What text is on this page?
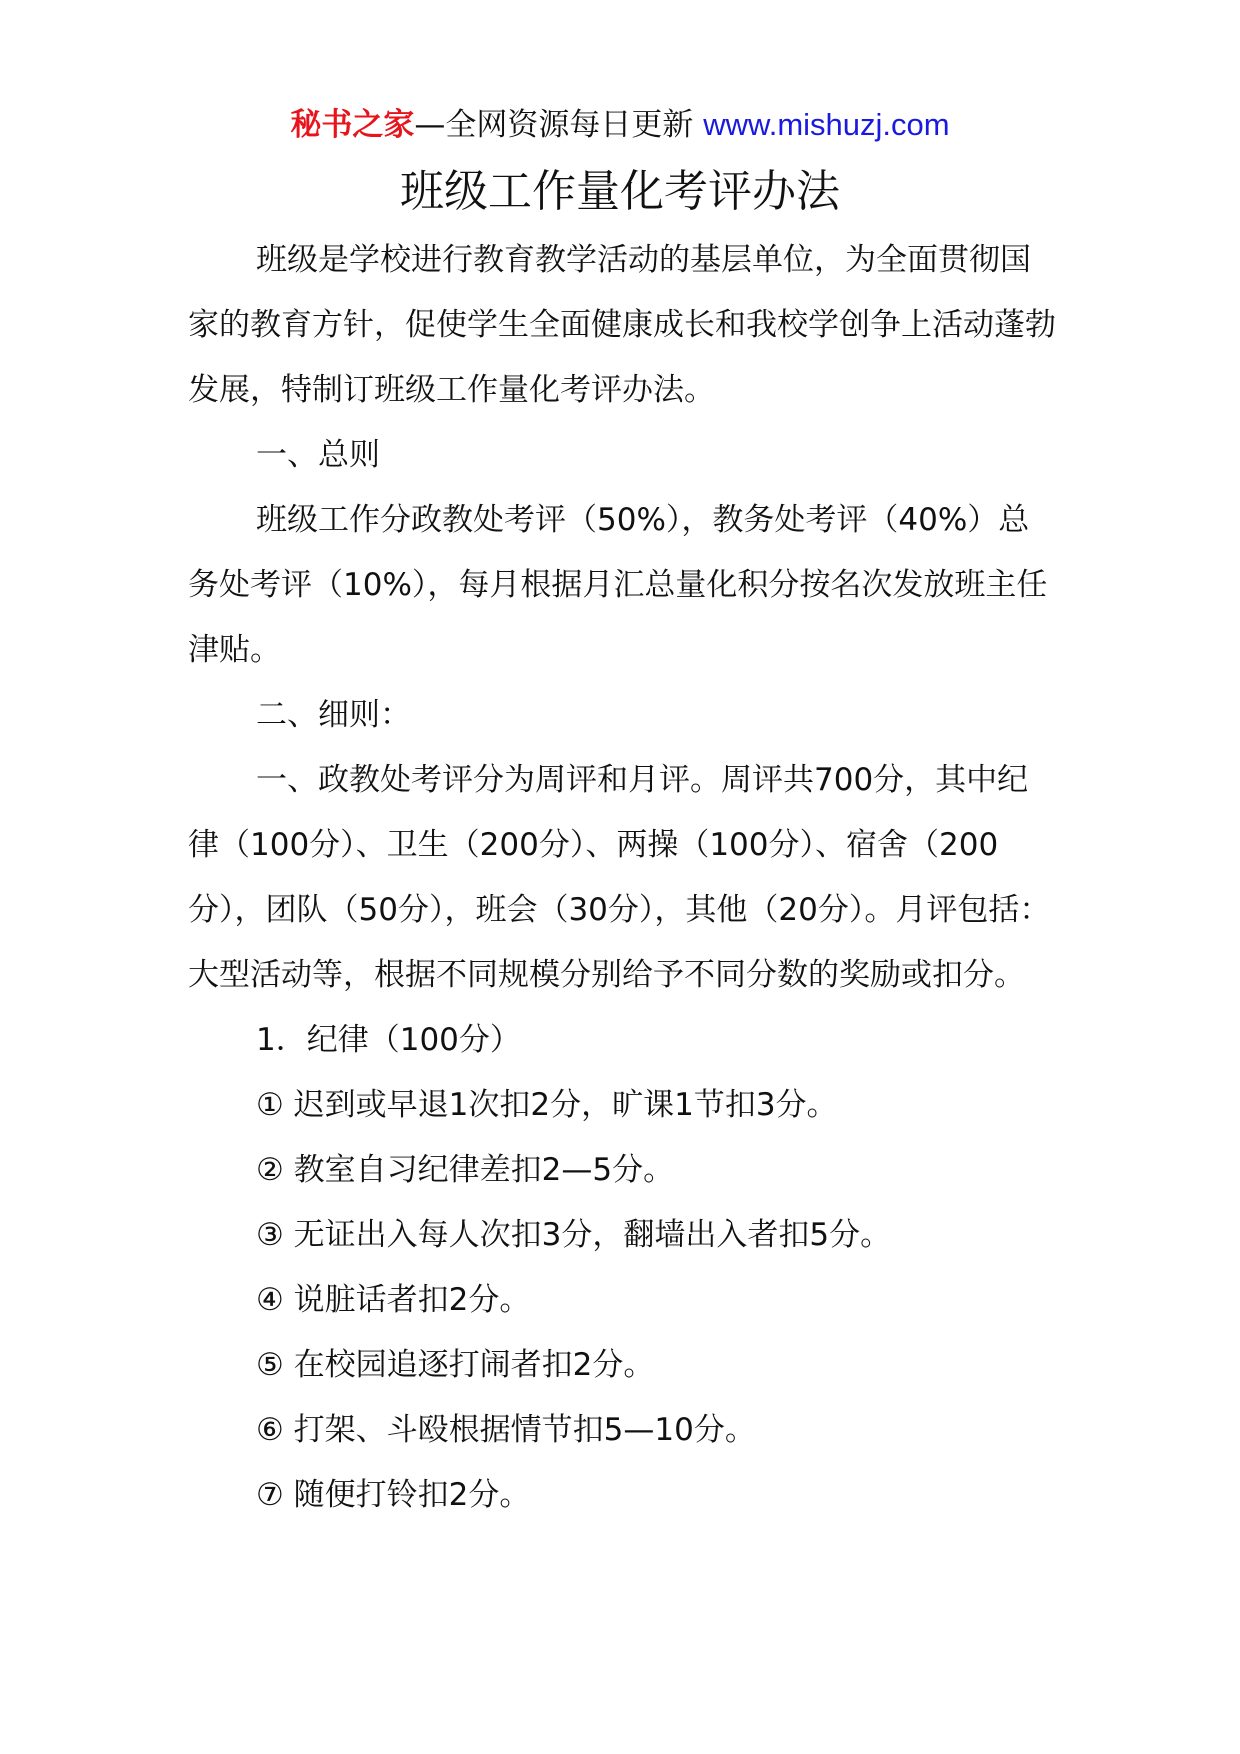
秘书之家—全网资源每日更新 www.mishuzj.com
班级工作量化考评办法

班级是学校进行教育教学活动的基层单位，为全面贯彻国家的教育方针，促使学生全面健康成长和我校学创争上活动蓬勃发展，特制订班级工作量化考评办法。

一、总则

班级工作分政教处考评（50%），教务处考评（40%）总务处考评（10%），每月根据月汇总量化积分按名次发放班主任津贴。

二、细则：

一、政教处考评分为周评和月评。周评共700分，其中纪律（100分）、卫生（200分）、两操（100分）、宿舍（200分），团队（50分），班会（30分），其他（20分）。月评包括：大型活动等，根据不同规模分别给予不同分数的奖励或扣分。

1．纪律（100分）

① 迟到或早退1次扣2分，旷课1节扣3分。

② 教室自习纪律差扣2—5分。

③ 无证出入每人次扣3分，翻墙出入者扣5分。

④ 说脏话者扣2分。

⑤ 在校园追逐打闹者扣2分。

⑥ 打架、斗殴根据情节扣5—10分。

⑦ 随便打铃扣2分。
